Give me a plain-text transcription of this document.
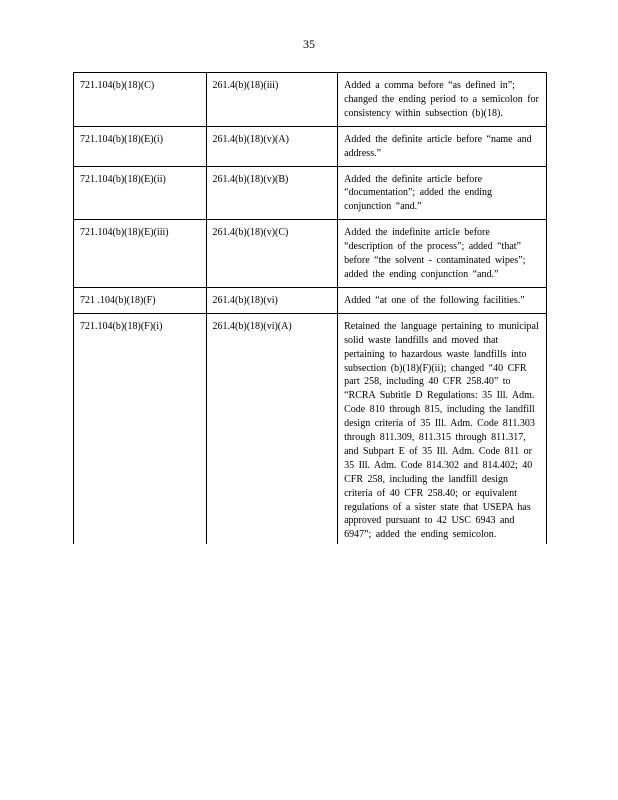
35
721.104(b)(18)(C)	261.4(b)(18)(iii)	Added a comma before “as defined in”; changed the ending period to a semicolon for consistency within subsection (b)(18).
721.104(b)(18)(E)(i)	261.4(b)(18)(v)(A)	Added the definite article before “name and address.”
721.104(b)(18)(E)(ii)	261.4(b)(18)(v)(B)	Added the definite article before “documentation”; added the ending conjunction “and.”
721.104(b)(18)(E)(iii)	261.4(b)(18)(v)(C)	Added the indefinite article before “description of the process”; added “that” before “the solvent - contaminated wipes”; added the ending conjunction “and.”
721 .104(b)(18)(F)	261.4(b)(18)(vi)	Added “at one of the following facilities.”
721.104(b)(18)(F)(i)	261.4(b)(18)(vi)(A)	Retained the language pertaining to municipal solid waste landfills and moved that pertaining to hazardous waste landfills into subsection (b)(18)(F)(ii); changed “40 CFR part 258, including 40 CFR 258.40” to “RCRA Subtitle D Regulations: 35 Ill. Adm. Code 810 through 815, including the landfill design criteria of 35 Ill. Adm. Code 811.303 through 811.309, 811.315 through 811.317, and Subpart E of 35 Ill. Adm. Code 811 or 35 Ill. Adm. Code 814.302 and 814.402; 40 CFR 258, including the landfill design criteria of 40 CFR 258.40; or equivalent regulations of a sister state that USEPA has approved pursuant to 42 USC 6943 and 6947”; added the ending semicolon.
